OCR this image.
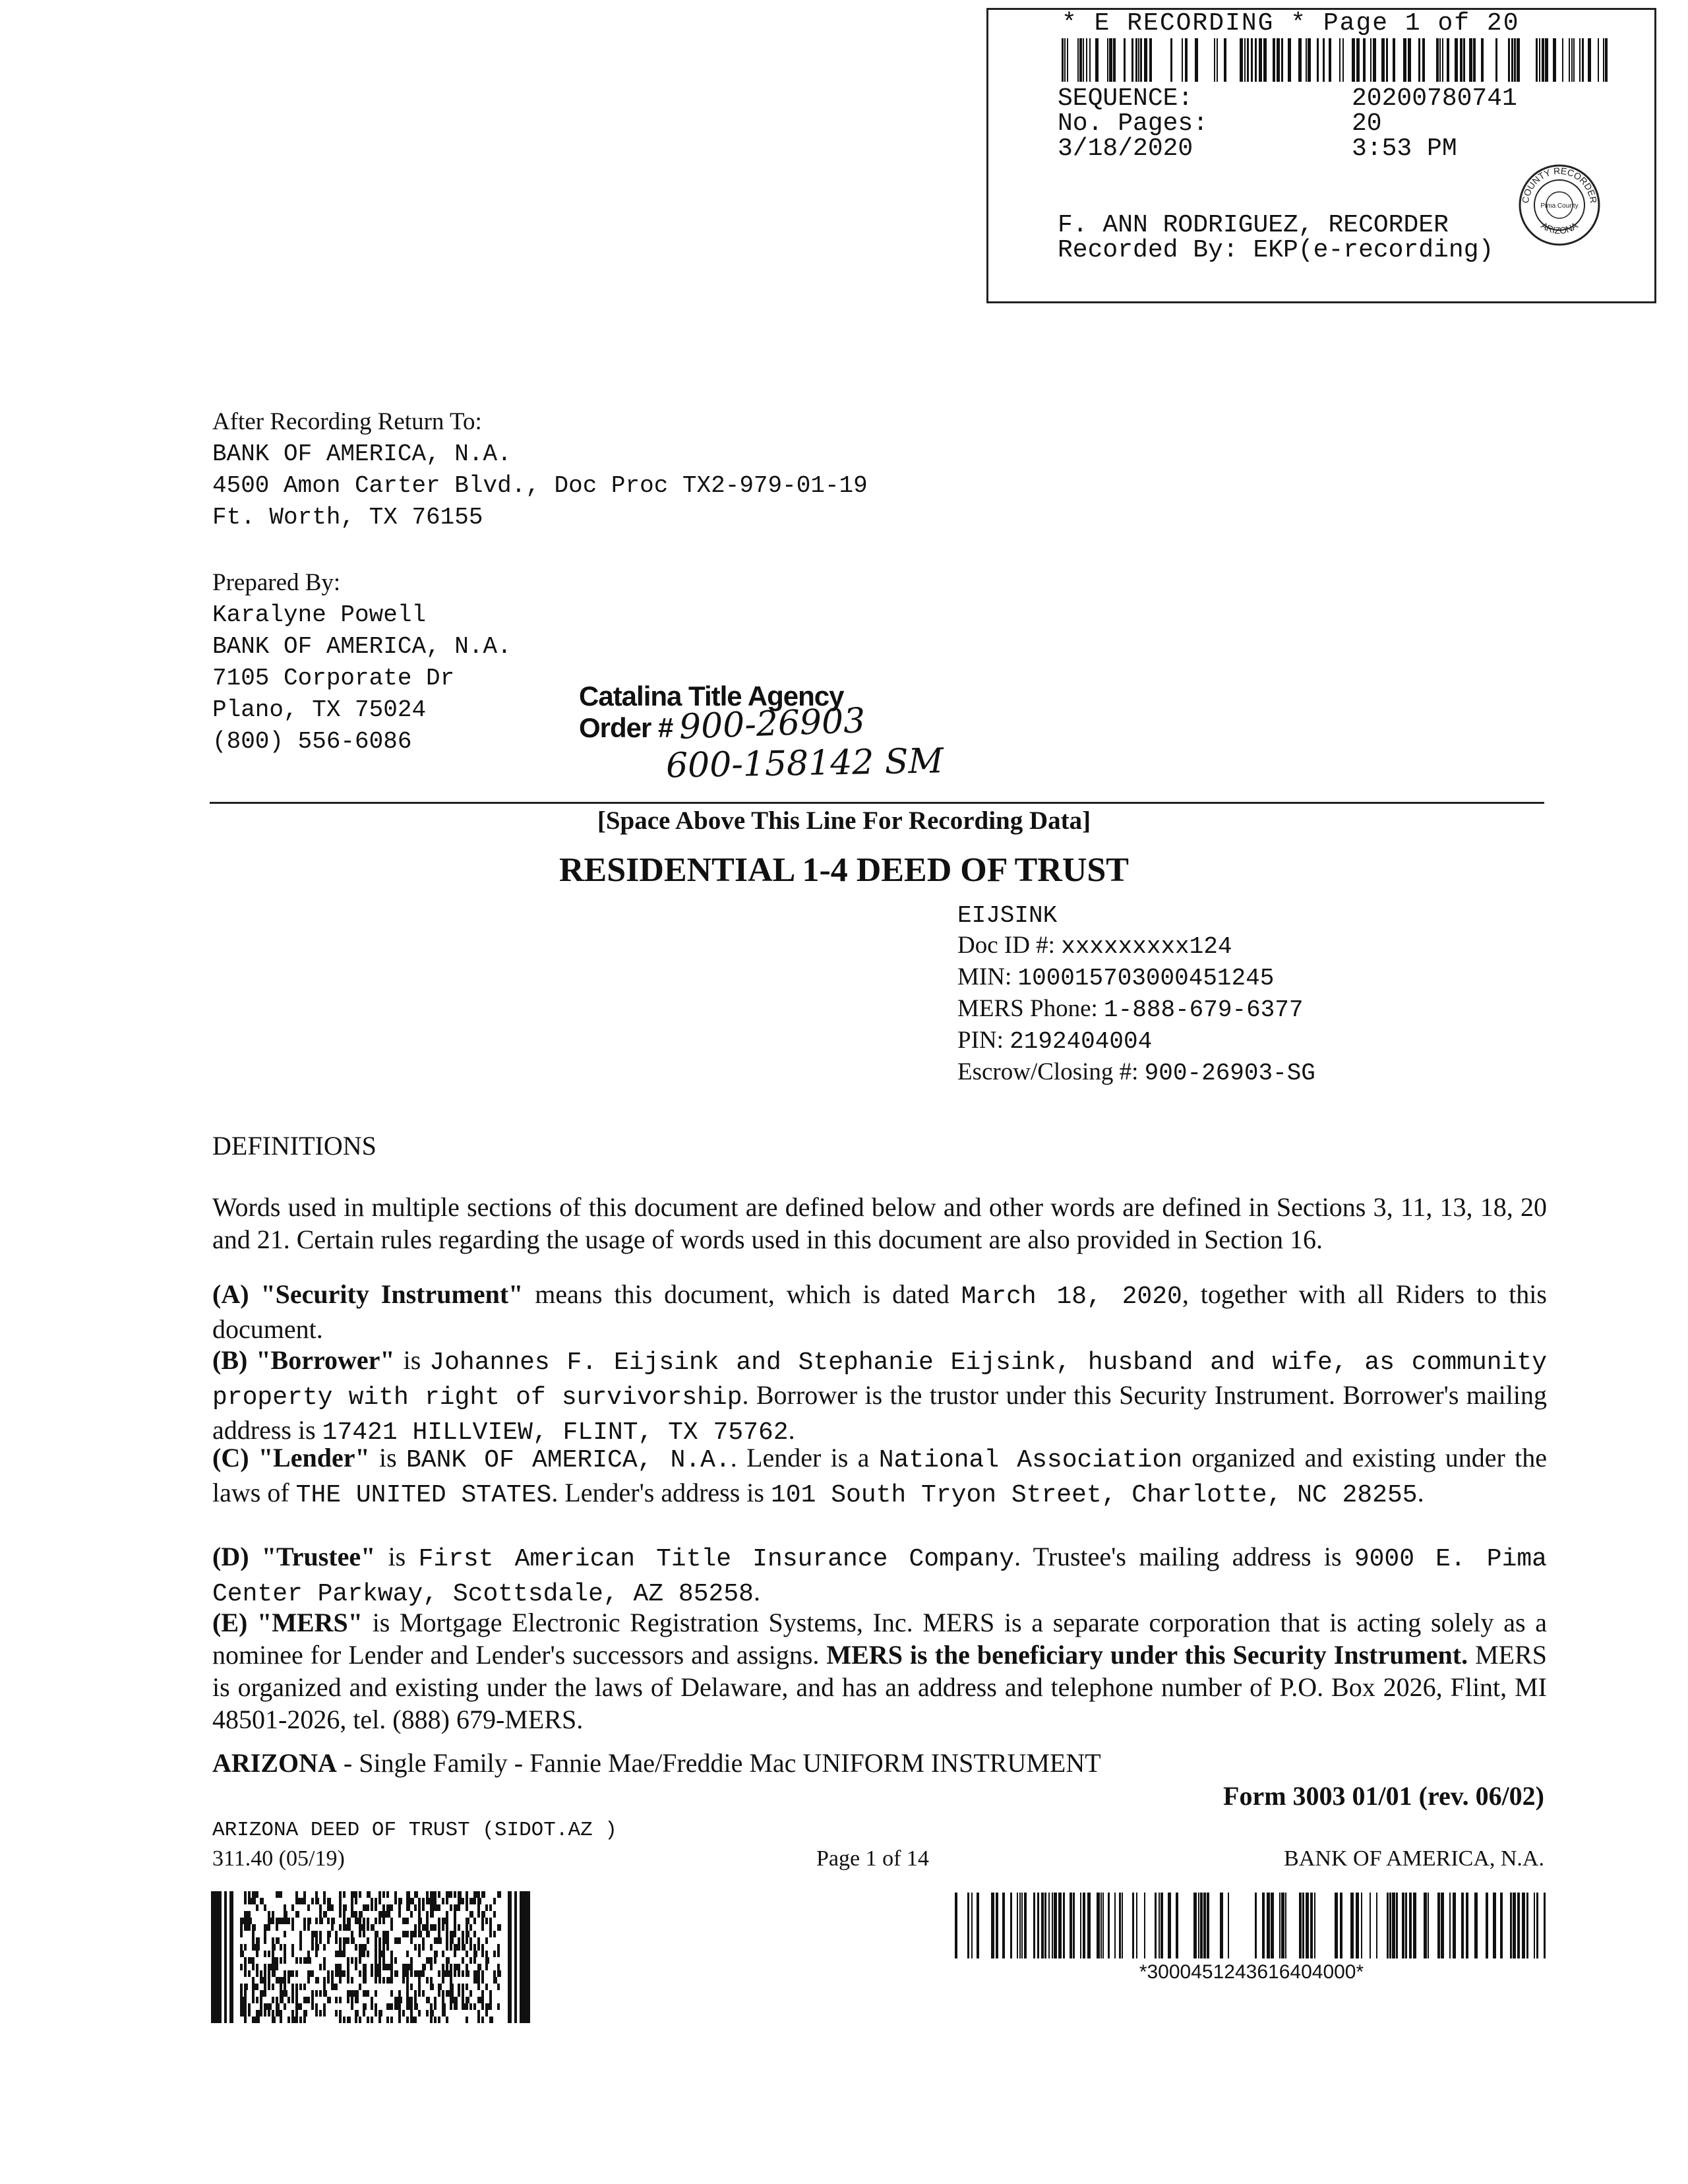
* E RECORDING * Page 1 of 20
SEQUENCE:	20200780741
No. Pages:	20
3/18/2020	3:53 PM
F. ANN RODRIGUEZ, RECORDER
Recorded By: EKP(e-recording)
COUNTY RECORDER
ARIZONA
Pima County
After Recording Return To:
BANK OF AMERICA, N.A.
4500 Amon Carter Blvd., Doc Proc TX2-979-01-19
Ft. Worth, TX 76155
Prepared By:
Karalyne Powell
BANK OF AMERICA, N.A.
7105 Corporate Dr
Plano, TX 75024
(800) 556-6086
Catalina Title Agency
Order # 900-26903
600-158142 SM
[Space Above This Line For Recording Data]
RESIDENTIAL 1-4 DEED OF TRUST
EIJSINK
Doc ID #: xxxxxxxxx124
MIN: 100015703000451245
MERS Phone: 1-888-679-6377
PIN: 2192404004
Escrow/Closing #: 900-26903-SG
DEFINITIONS
Words used in multiple sections of this document are defined below and other words are defined in Sections 3, 11, 13, 18, 20 and 21. Certain rules regarding the usage of words used in this document are also provided in Section 16.
(A) "Security Instrument" means this document, which is dated March 18, 2020, together with all Riders to this document.
(B) "Borrower" is Johannes F. Eijsink and Stephanie Eijsink, husband and wife, as community property with right of survivorship. Borrower is the trustor under this Security Instrument. Borrower's mailing address is 17421 HILLVIEW, FLINT, TX 75762.
(C) "Lender" is BANK OF AMERICA, N.A.. Lender is a National Association organized and existing under the laws of THE UNITED STATES. Lender's address is 101 South Tryon Street, Charlotte, NC 28255.
(D) "Trustee" is First American Title Insurance Company. Trustee's mailing address is 9000 E. Pima Center Parkway, Scottsdale, AZ 85258.
(E) "MERS" is Mortgage Electronic Registration Systems, Inc. MERS is a separate corporation that is acting solely as a nominee for Lender and Lender's successors and assigns. MERS is the beneficiary under this Security Instrument. MERS is organized and existing under the laws of Delaware, and has an address and telephone number of P.O. Box 2026, Flint, MI 48501-2026, tel. (888) 679-MERS.
ARIZONA - Single Family - Fannie Mae/Freddie Mac UNIFORM INSTRUMENT
Form 3003 01/01 (rev. 06/02)
ARIZONA DEED OF TRUST (SIDOT.AZ )
311.40 (05/19)	Page 1 of 14	BANK OF AMERICA, N.A.
*3000451243616404000*
